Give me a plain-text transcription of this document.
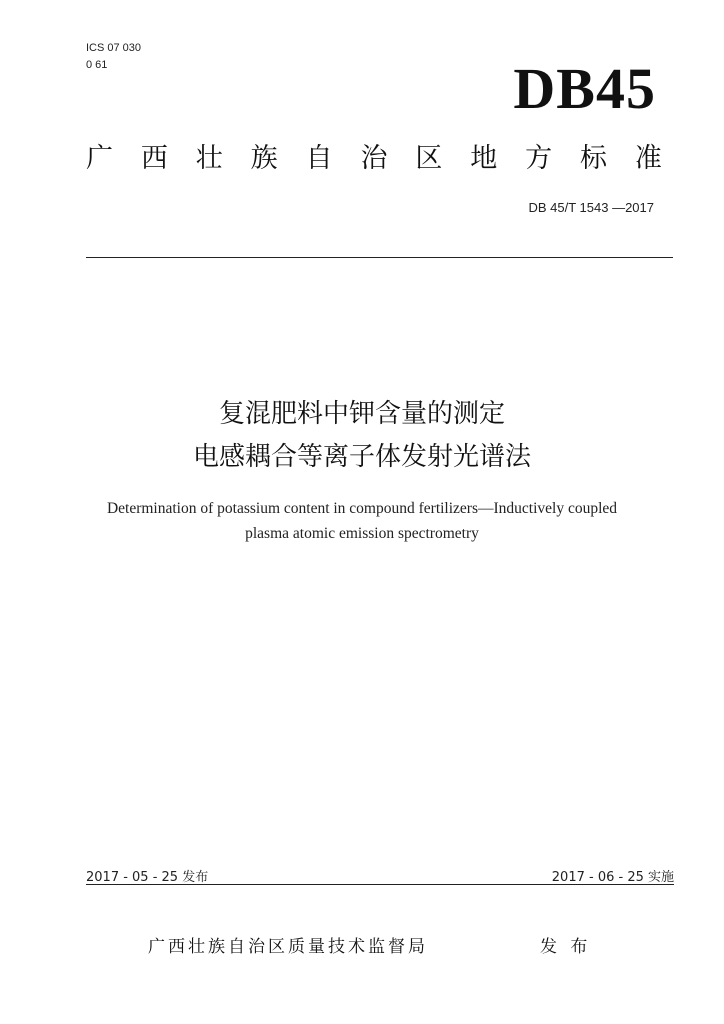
ICS 07 030
0 61	DB45
广 西 壮 族 自 治 区 地 方 标 准
DB 45/T 1543 —2017
复混肥料中钾含量的测定
电感耦合等离子体发射光谱法
Determination of potassium content in compound fertilizers—Inductively coupled
plasma atomic emission spectrometry
2017 - 05 - 25 发布	2017 - 06 - 25 实施
广西壮族自治区质量技术监督局	发 布
